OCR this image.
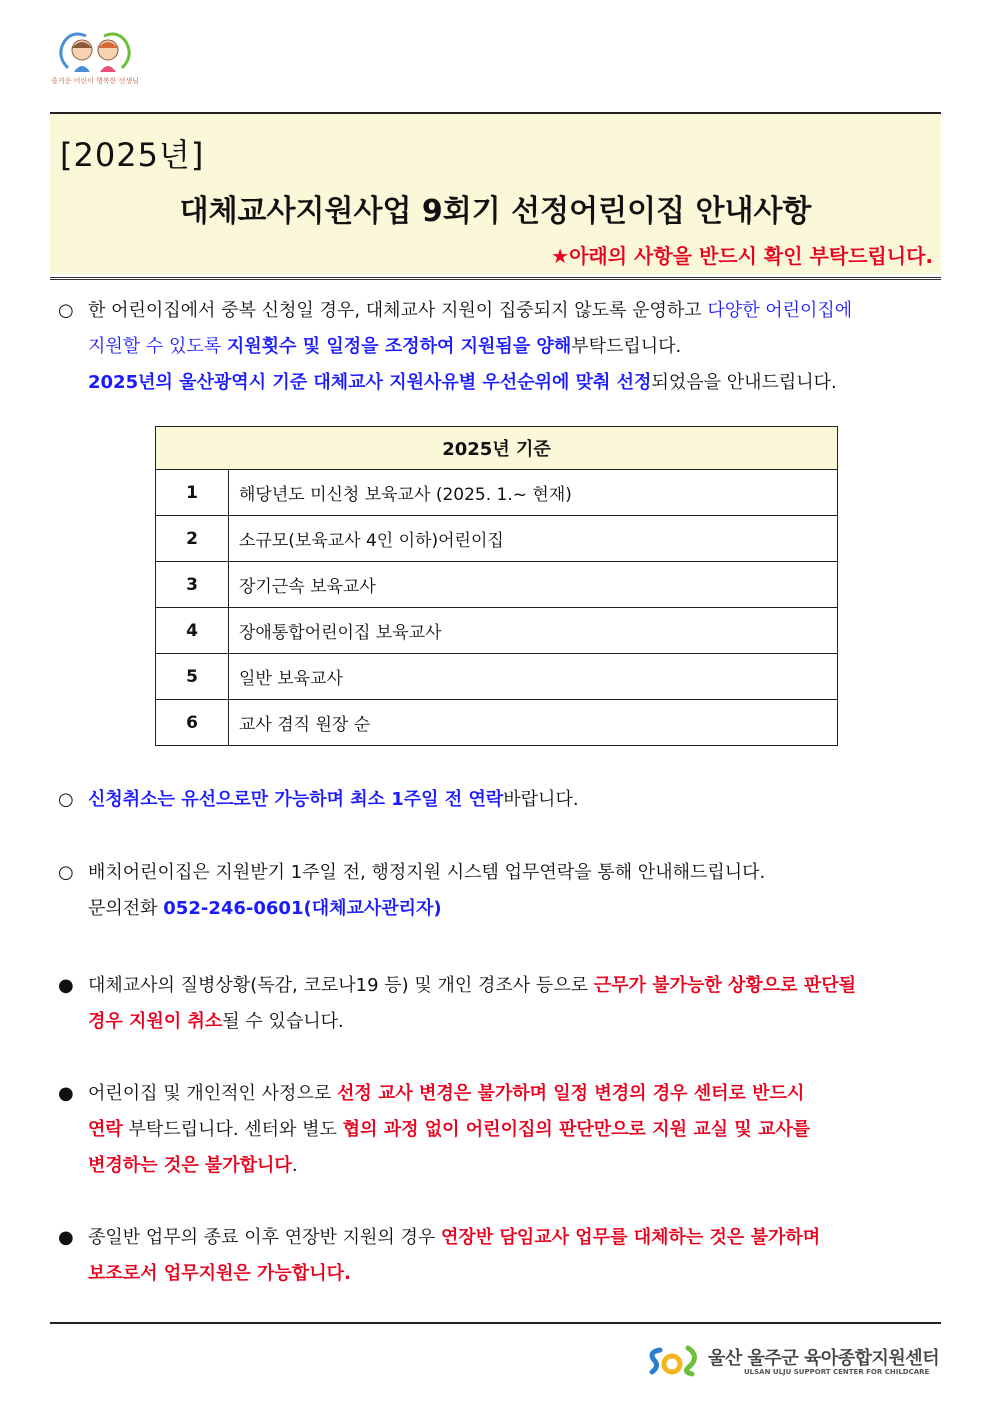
즐거운 어린이 행복한 선생님
[2025년]
대체교사지원사업 9회기 선정어린이집 안내사항
★아래의 사항을 반드시 확인 부탁드립니다.
○ 한 어린이집에서 중복 신청일 경우, 대체교사 지원이 집중되지 않도록 운영하고 다양한 어린이집에
지원할 수 있도록 지원횟수 및 일정을 조정하여 지원됨을 양해부탁드립니다.
2025년의 울산광역시 기준 대체교사 지원사유별 우선순위에 맞춰 선정되었음을 안내드립니다.
2025년 기준	
1	해당년도 미신청 보육교사 (2025. 1.~ 현재)
2	소규모(보육교사 4인 이하)어린이집
3	장기근속 보육교사
4	장애통합어린이집 보육교사
5	일반 보육교사
6	교사 겸직 원장 순
○ 신청취소는 유선으로만 가능하며 최소 1주일 전 연락바랍니다.
○ 배치어린이집은 지원받기 1주일 전, 행정지원 시스템 업무연락을 통해 안내해드립니다.
문의전화 052-246-0601(대체교사관리자)
● 대체교사의 질병상황(독감, 코로나19 등) 및 개인 경조사 등으로 근무가 불가능한 상황으로 판단될
경우 지원이 취소될 수 있습니다.
● 어린이집 및 개인적인 사정으로 선정 교사 변경은 불가하며 일정 변경의 경우 센터로 반드시
연락 부탁드립니다. 센터와 별도 협의 과정 없이 어린이집의 판단만으로 지원 교실 및 교사를
변경하는 것은 불가합니다.
● 종일반 업무의 종료 이후 연장반 지원의 경우 연장반 담임교사 업무를 대체하는 것은 불가하며
보조로서 업무지원은 가능합니다.
울산 울주군 육아종합지원센터
ULSAN ULJU SUPPORT CENTER FOR CHILDCARE
